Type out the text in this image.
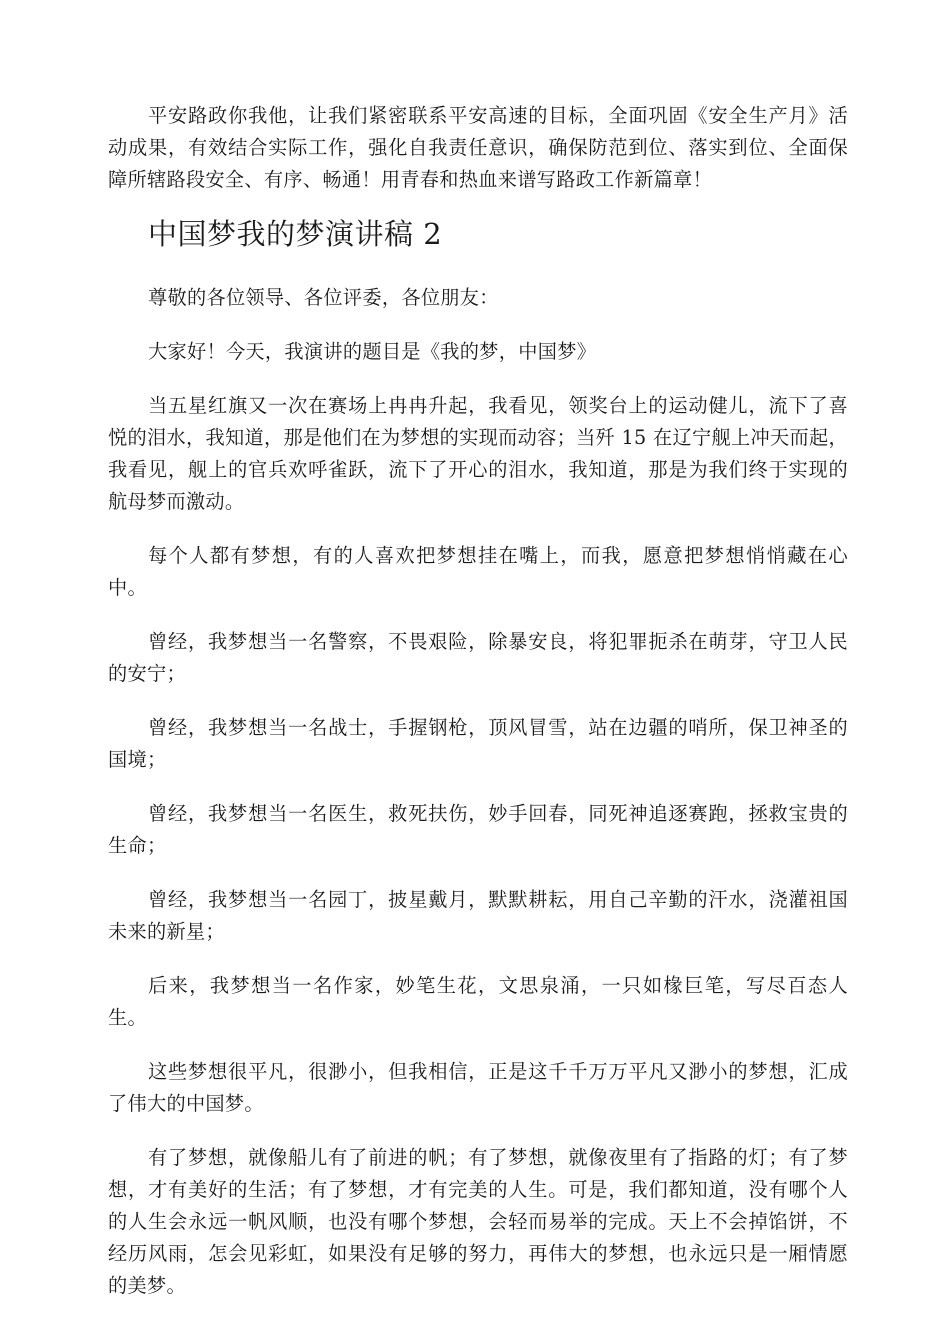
平安路政你我他，让我们紧密联系平安高速的目标，全面巩固《安全生产月》活动成果，有效结合实际工作，强化自我责任意识，确保防范到位、落实到位、全面保障所辖路段安全、有序、畅通！用青春和热血来谱写路政工作新篇章！

中国梦我的梦演讲稿 2

尊敬的各位领导、各位评委，各位朋友：

大家好！今天，我演讲的题目是《我的梦，中国梦》

当五星红旗又一次在赛场上冉冉升起，我看见，领奖台上的运动健儿，流下了喜悦的泪水，我知道，那是他们在为梦想的实现而动容；当歼 15 在辽宁舰上冲天而起，我看见，舰上的官兵欢呼雀跃，流下了开心的泪水，我知道，那是为我们终于实现的航母梦而激动。

每个人都有梦想，有的人喜欢把梦想挂在嘴上，而我，愿意把梦想悄悄藏在心中。

曾经，我梦想当一名警察，不畏艰险，除暴安良，将犯罪扼杀在萌芽，守卫人民的安宁；

曾经，我梦想当一名战士，手握钢枪，顶风冒雪，站在边疆的哨所，保卫神圣的国境；

曾经，我梦想当一名医生，救死扶伤，妙手回春，同死神追逐赛跑，拯救宝贵的生命；

曾经，我梦想当一名园丁，披星戴月，默默耕耘，用自己辛勤的汗水，浇灌祖国未来的新星；

后来，我梦想当一名作家，妙笔生花，文思泉涌，一只如椽巨笔，写尽百态人生。

这些梦想很平凡，很渺小，但我相信，正是这千千万万平凡又渺小的梦想，汇成了伟大的中国梦。

有了梦想，就像船儿有了前进的帆；有了梦想，就像夜里有了指路的灯；有了梦想，才有美好的生活；有了梦想，才有完美的人生。可是，我们都知道，没有哪个人的人生会永远一帆风顺，也没有哪个梦想，会轻而易举的完成。天上不会掉馅饼，不经历风雨，怎会见彩虹，如果没有足够的努力，再伟大的梦想，也永远只是一厢情愿的美梦。
